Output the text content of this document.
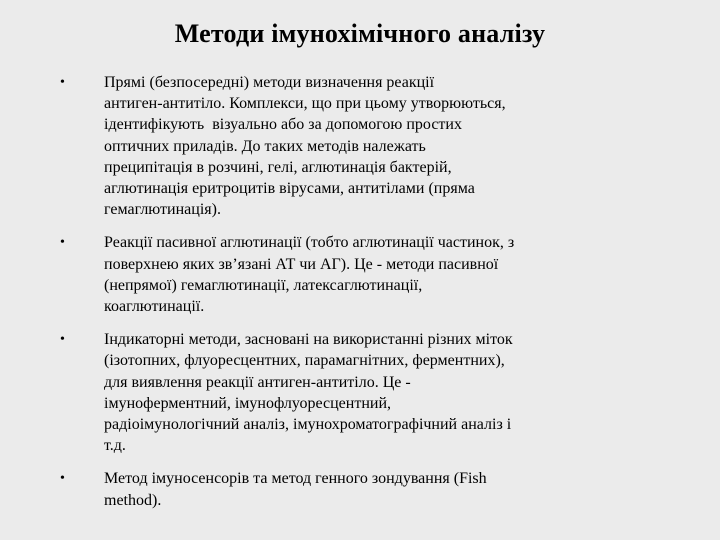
Методи імунохімічного аналізу
•	Прямі (безпосередні) методи визначення реакції
антиген-антитіло. Комплекси, що при цьому утворюються,
ідентифікують  візуально або за допомогою простих
оптичних приладів. До таких методів належать
преципітація в розчині, гелі, аглютинація бактерій,
аглютинація еритроцитів вірусами, антитілами (пряма
гемаглютинація).
•	Реакції пасивної аглютинації (тобто аглютинації частинок, з
поверхнею яких зв’язані АТ чи АГ). Це - методи пасивної
(непрямої) гемаглютинації, латексаглютинації,
коаглютинації.
•	Індикаторні методи, засновані на використанні різних міток
(ізотопних, флуоресцентних, парамагнітних, ферментних),
для виявлення реакції антиген-антитіло. Це -
імуноферментний, імунофлуоресцентний,
радіоімунологічний аналіз, імунохроматографічний аналіз і
т.д.
•	Метод імуносенсорів та метод генного зондування (Fish
method).
